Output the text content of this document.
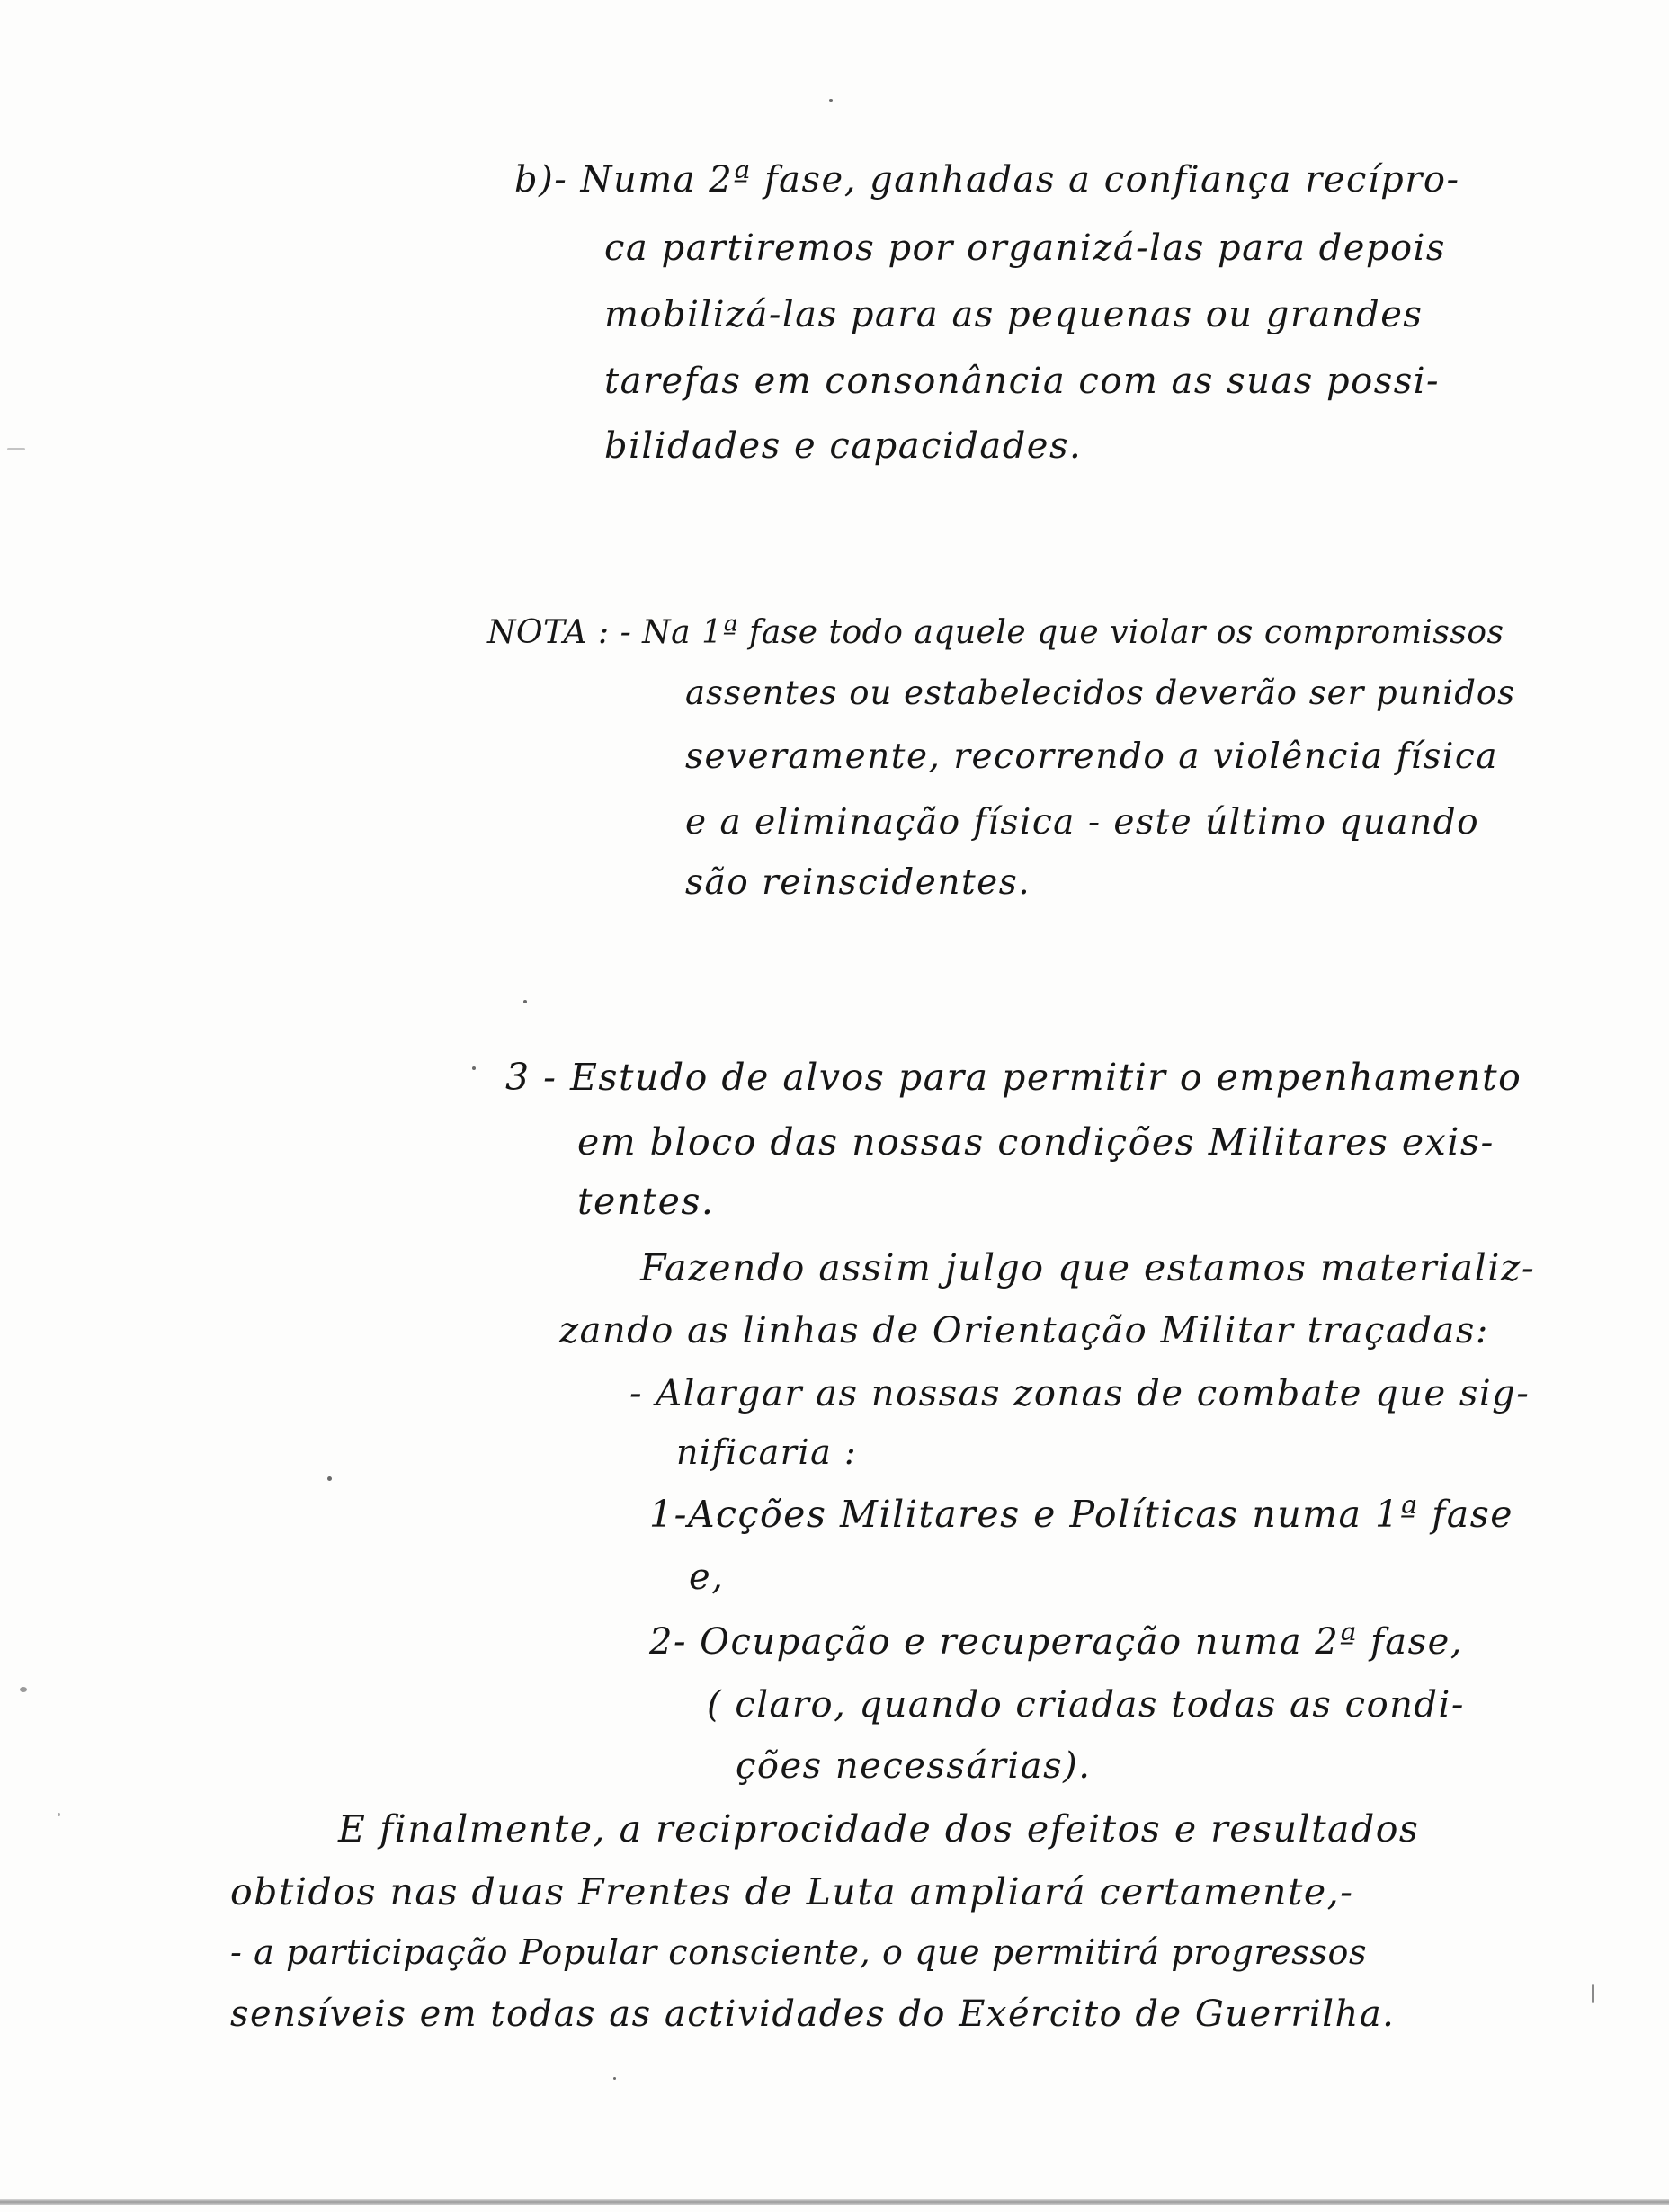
b)- Numa 2ª fase, ganhadas a confiança recípro-
ca partiremos por organizá-las para depois
mobilizá-las para as pequenas ou grandes
tarefas em consonância com as suas possi-
bilidades e capacidades.
NOTA : - Na 1ª fase todo aquele que violar os compromissos
assentes ou estabelecidos deverão ser punidos
severamente, recorrendo a violência física
e a eliminação física - este último quando
são reinscidentes.
3 - Estudo de alvos para permitir o empenhamento
em bloco das nossas condições Militares exis-
tentes.
Fazendo assim julgo que estamos materializ-
zando as linhas de Orientação Militar traçadas:
- Alargar as nossas zonas de combate que sig-
nificaria :
1-Acções Militares e Políticas numa 1ª fase
e,
2- Ocupação e recuperação numa 2ª fase,
( claro, quando criadas todas as condi-
ções necessárias).
E finalmente, a reciprocidade dos efeitos e resultados
obtidos nas duas Frentes de Luta ampliará certamente,-
- a participação Popular consciente, o que permitirá progressos
sensíveis em todas as actividades do Exército de Guerrilha.
